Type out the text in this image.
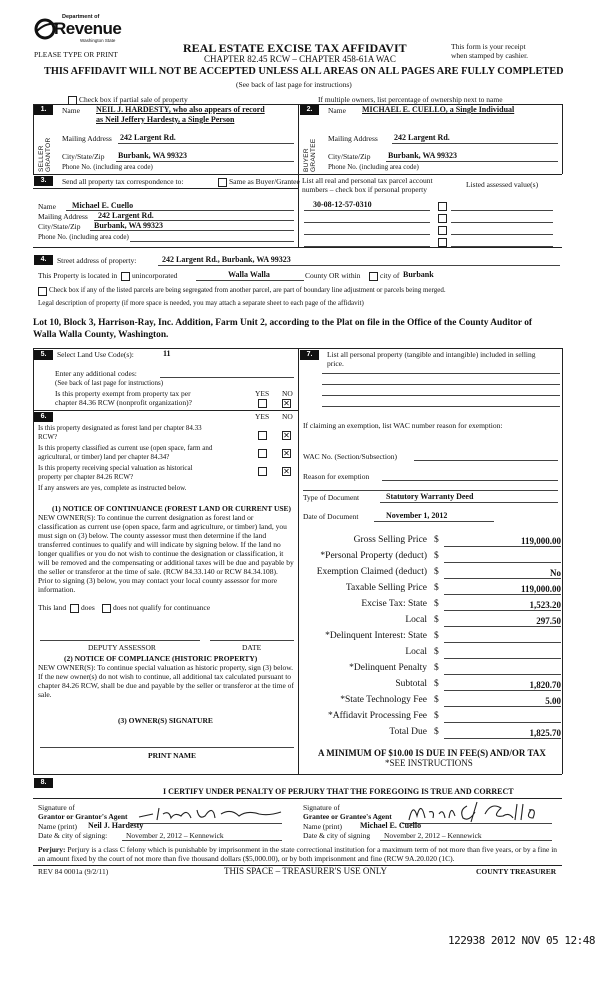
Department of
Revenue
Washington State
PLEASE TYPE OR PRINT	REAL ESTATE EXCISE TAX AFFIDAVIT
CHAPTER 82.45 RCW – CHAPTER 458-61A WAC
This form is your receipt
when stamped by cashier.
THIS AFFIDAVIT WILL NOT BE ACCEPTED UNLESS ALL AREAS ON ALL PAGES ARE FULLY COMPLETED
(See back of last page for instructions)
Check box if partial sale of property	If multiple owners, list percentage of ownership next to name
1.
SELLER GRANTOR
Name NEIL J. HARDESTY, who also appears of record
as Neil Jeffery Hardesty, a Single Person
Mailing Address 242 Largent Rd.
City/State/Zip Burbank, WA 99323
Phone No. (including area code)
2.
BUYER GRANTEE
Name MICHAEL E. CUELLO, a Single Individual
Mailing Address 242 Largent Rd.
City/State/Zip Burbank, WA 99323
Phone No. (including area code)
3.	Send all property tax correspondence to:	Same as Buyer/Grantee List all real and personal tax parcel account
numbers – check box if personal property
Listed assessed value(s)
30-08-12-57-0310
Name Michael E. Cuello
Mailing Address 242 Largent Rd.
City/State/Zip Burbank, WA 99323
Phone No. (including area code)
4.	Street address of property:	242 Largent Rd., Burbank, WA 99323
This Property is located in unincorporated	Walla Walla	County OR within	city of Burbank
Check box if any of the listed parcels are being segregated from another parcel, are part of boundary line adjustment or parcels being merged.
Legal description of property (if more space is needed, you may attach a separate sheet to each page of the affidavit)
Lot 10, Block 3, Harrison-Ray, Inc. Addition, Farm Unit 2, according to the Plat on file in the Office of the County Auditor of
Walla Walla County, Washington.
5.	Select Land Use Code(s):	11
Enter any additional codes:
(See back of last page for instructions)
Is this property exempt from property tax per
chapter 84.36 RCW (nonprofit organization)?
YES NO
✕
7.	List all personal property (tangible and intangible) included in selling
price.
6.	YES NO
Is this property designated as forest land per chapter 84.33
RCW?	✕
Is this property classified as current use (open space, farm and
agricultural, or timber) land per chapter 84.34?	✕
Is this property receiving special valuation as historical
property per chapter 84.26 RCW?
✕
If any answers are yes, complete as instructed below.
(1) NOTICE OF CONTINUANCE (FOREST LAND OR CURRENT USE)
NEW OWNER(S): To continue the current designation as forest land or classification as current use (open space, farm and agriculture, or timber) land, you must sign on (3) below. The county assessor must then determine if the land transferred continues to qualify and will indicate by signing below. If the land no longer qualifies or you do not wish to continue the designation or classification, it will be removed and the compensating or additional taxes will be due and payable by the seller or transferor at the time of sale. (RCW 84.33.140 or RCW 84.34.108). Prior to signing (3) below, you may contact your local county assessor for more information.
This land does does not qualify for continuance
DEPUTY ASSESSOR	DATE
(2) NOTICE OF COMPLIANCE (HISTORIC PROPERTY)
NEW OWNER(S): To continue special valuation as historic property, sign (3) below. If the new owner(s) do not wish to continue, all additional tax calculated pursuant to chapter 84.26 RCW, shall be due and payable by the seller or transferor at the time of sale.
(3) OWNER(S) SIGNATURE
PRINT NAME
If claiming an exemption, list WAC number reason for exemption:
WAC No. (Section/Subsection)
Reason for exemption
Type of Document	Statutory Warranty Deed
Date of Document	November 1, 2012
Gross Selling Price $	119,000.00
*Personal Property (deduct) $
Exemption Claimed (deduct) $	No
Taxable Selling Price $	119,000.00
Excise Tax: State $	1,523.20
Local $	297.50
*Delinquent Interest: State $
Local $
*Delinquent Penalty $
Subtotal $	1,820.70
*State Technology Fee $	5.00
*Affidavit Processing Fee $
Total Due $	1,825.70
A MINIMUM OF $10.00 IS DUE IN FEE(S) AND/OR TAX
*SEE INSTRUCTIONS
8.
I CERTIFY UNDER PENALTY OF PERJURY THAT THE FOREGOING IS TRUE AND CORRECT
Signature of
Grantor or Grantor's Agent
Name (print) Neil J. Hardesty
Date & city of signing:	November 2, 2012 – Kennewick
Signature of
Grantee or Grantee's Agent
Name (print) Michael E. Cuello
Date & city of signing November 2, 2012 – Kennewick
Perjury: Perjury is a class C felony which is punishable by imprisonment in the state correctional institution for a maximum term of not more than five years, or by a fine in an amount fixed by the court of not more than five thousand dollars ($5,000.00), or by both imprisonment and fine (RCW 9A.20.020 (1C).
REV 84 0001a (9/2/11)	THIS SPACE – TREASURER'S USE ONLY	COUNTY TREASURER
122938 2012 NOV 05 12:48
